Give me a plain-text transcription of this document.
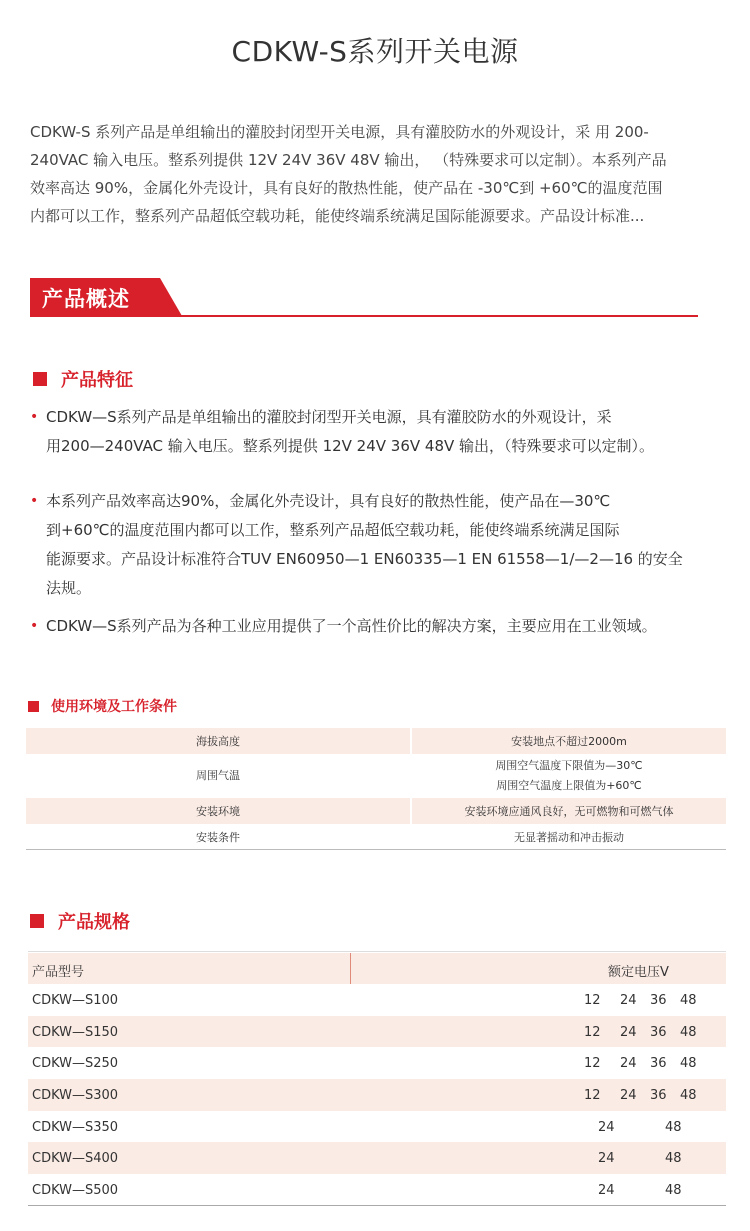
CDKW-S系列开关电源
CDKW-S 系列产品是单组输出的灌胶封闭型开关电源，具有灌胶防水的外观设计，采 用 200-
240VAC 输入电压。整系列提供 12V 24V 36V 48V 输出， （特殊要求可以定制）。本系列产品
效率高达 90%，金属化外壳设计，具有良好的散热性能，使产品在 -30℃到 +60℃的温度范围
内都可以工作，整系列产品超低空载功耗，能使终端系统满足国际能源要求。产品设计标准...
产品概述
产品特征
• CDKW—S系列产品是单组输出的灌胶封闭型开关电源，具有灌胶防水的外观设计，采
用200—240VAC 输入电压。整系列提供 12V 24V 36V 48V 输出，（特殊要求可以定制）。
• 本系列产品效率高达90%，金属化外壳设计，具有良好的散热性能，使产品在—30℃
到+60℃的温度范围内都可以工作，整系列产品超低空载功耗，能使终端系统满足国际
能源要求。产品设计标准符合TUV EN60950—1 EN60335—1 EN 61558—1/—2—16 的安全
法规。
• CDKW—S系列产品为各种工业应用提供了一个高性价比的解决方案，主要应用在工业领域。
使用环境及工作条件
海拔高度	安装地点不超过2000m
周围气温	周围空气温度下限值为—30℃
周围空气温度上限值为+60℃

安装环境	安装环境应通风良好，无可燃物和可燃气体
安装条件	无显著摇动和冲击振动
产品规格
产品型号	额定电压V
CDKW—S100	12 24 36 48
CDKW—S150	12 24 36 48
CDKW—S250	12 24 36 48
CDKW—S300	12 24 36 48
CDKW—S350	24	48
CDKW—S400	24	48
CDKW—S500	24	48
